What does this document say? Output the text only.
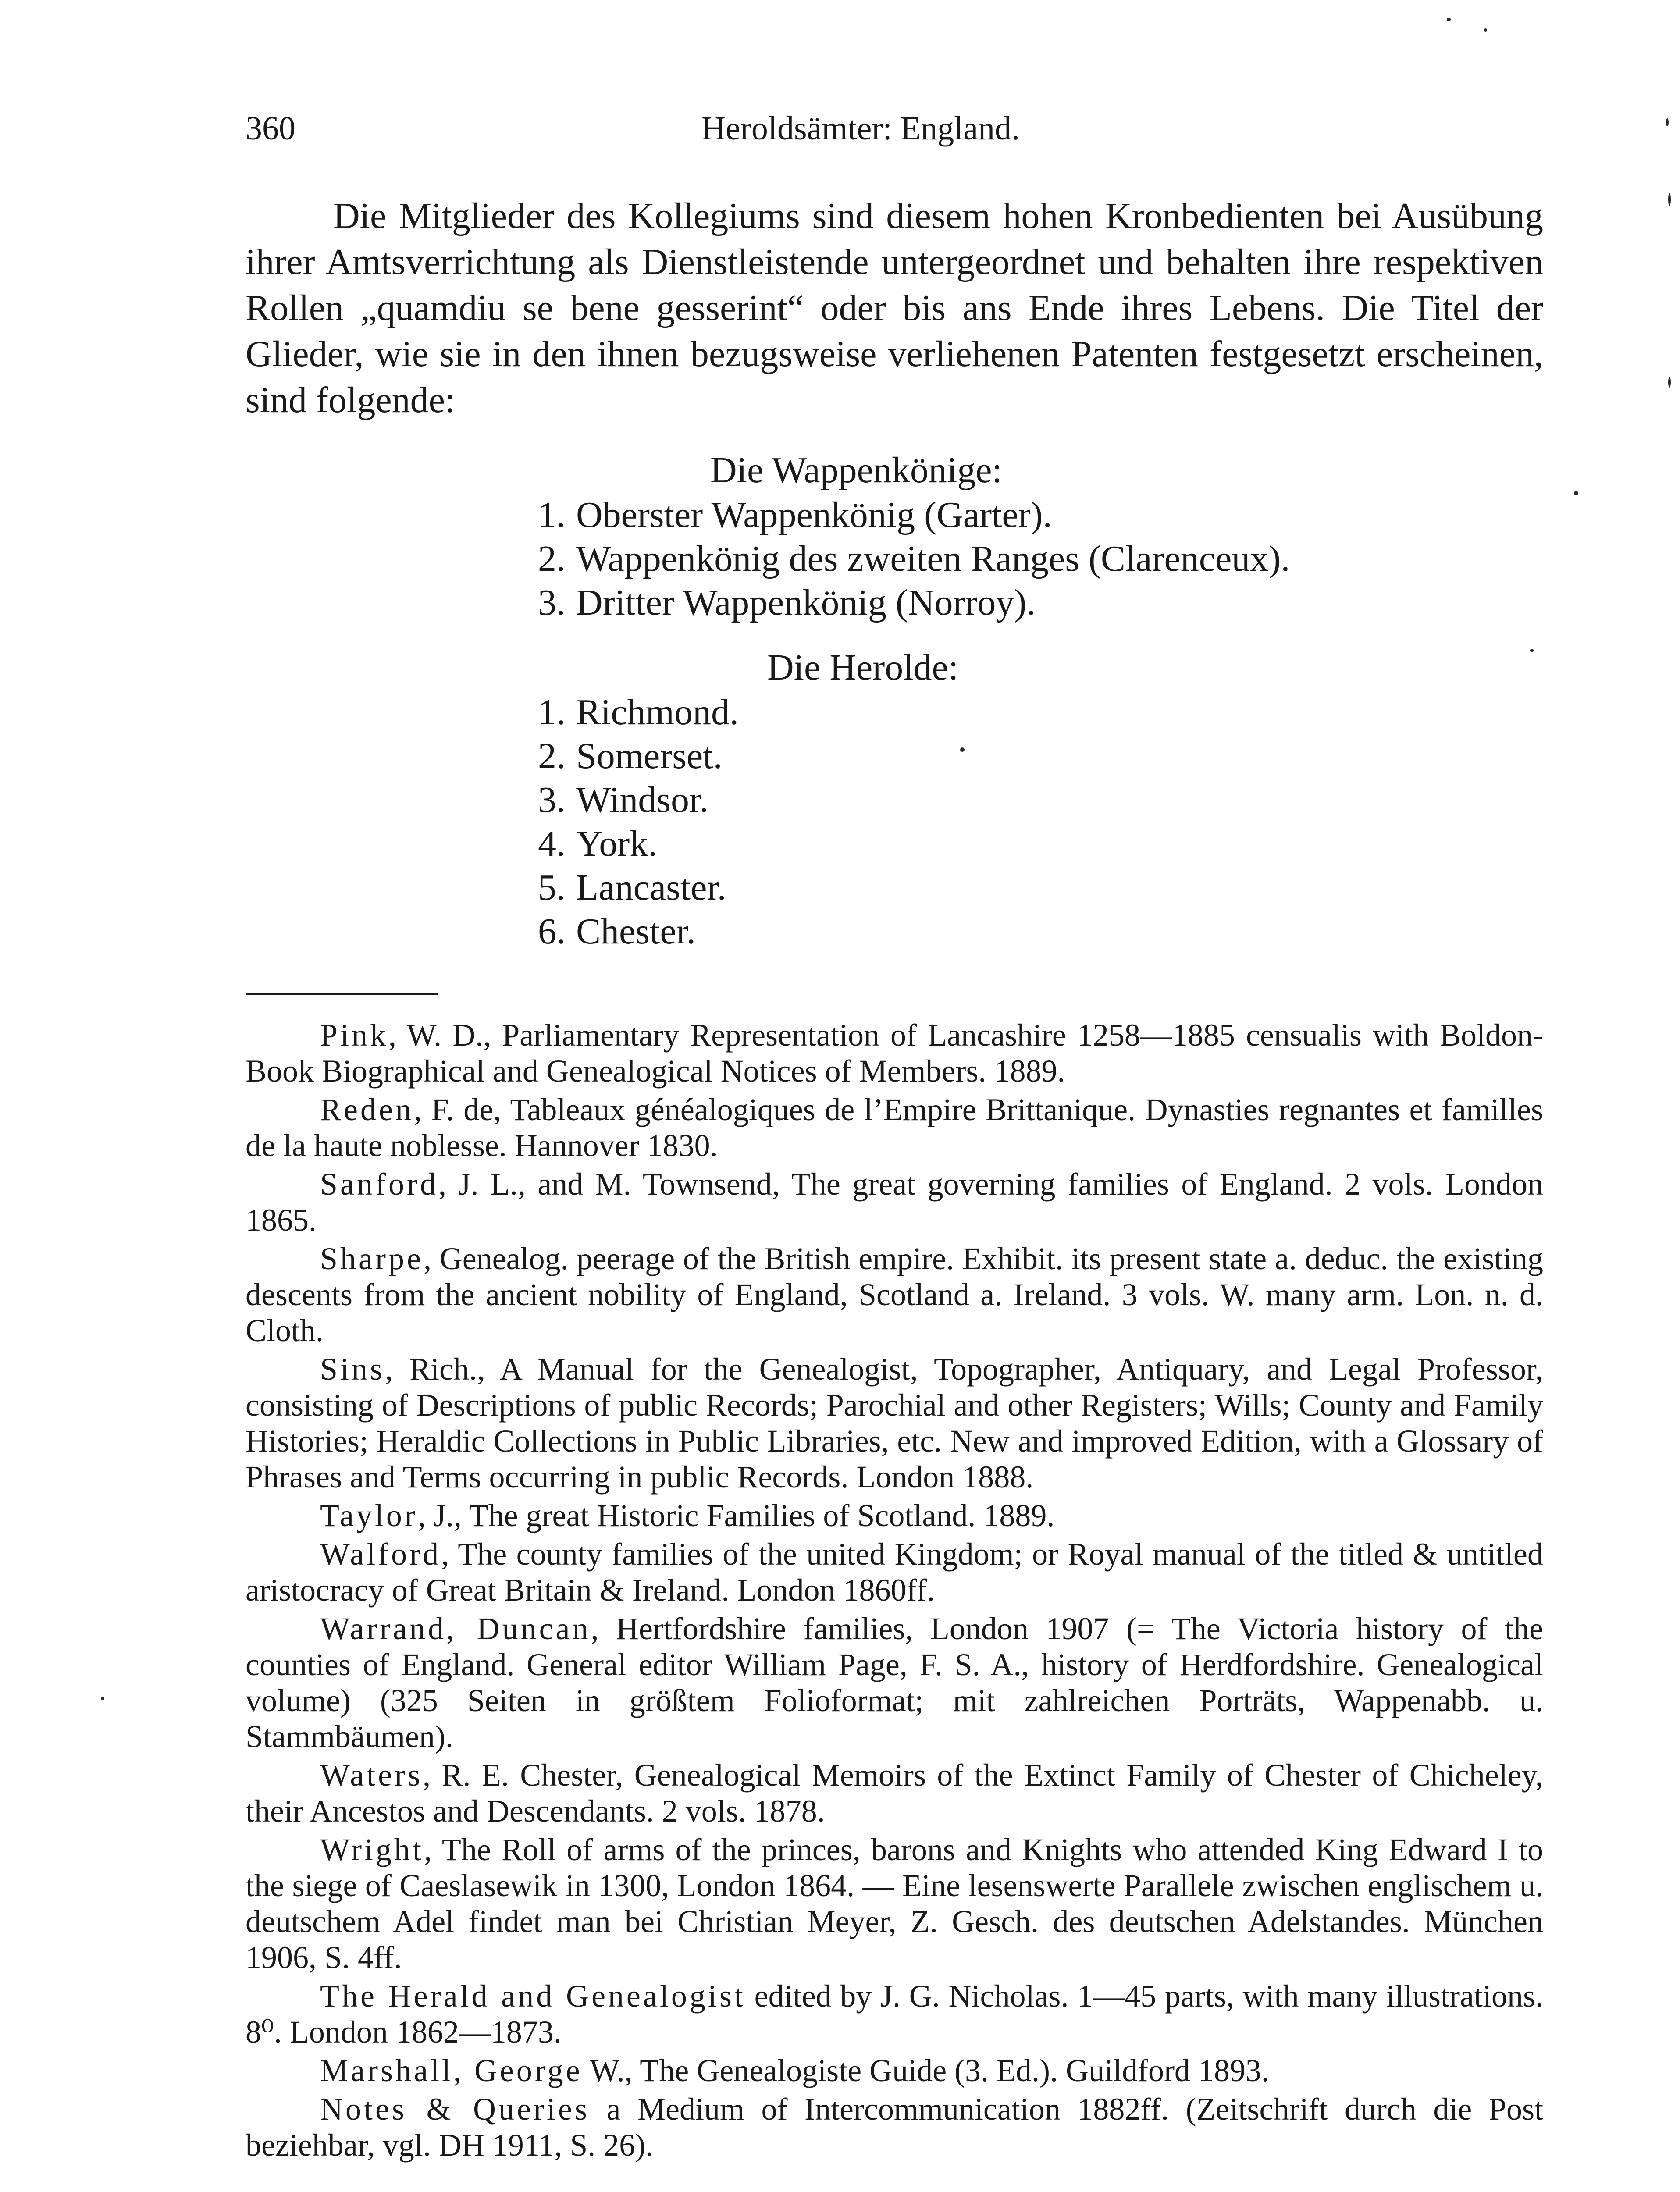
360	Heroldsämter: England.

Die Mitglieder des Kollegiums sind diesem hohen Kronbedienten bei Ausübung ihrer Amtsverrichtung als Dienstleistende untergeordnet und behalten ihre respektiven Rollen „quamdiu se bene gesserint“ oder bis ans Ende ihres Lebens. Die Titel der Glieder, wie sie in den ihnen bezugsweise verliehenen Patenten festgesetzt erscheinen, sind folgende:

Die Wappenkönige:
1. Oberster Wappenkönig (Garter).
2. Wappenkönig des zweiten Ranges (Clarenceux).
3. Dritter Wappenkönig (Norroy).
Die Herolde:
1. Richmond.
2. Somerset.
3. Windsor.
4. York.
5. Lancaster.
6. Chester.

Pink, W. D., Parliamentary Representation of Lancashire 1258—1885 censualis with Boldon-Book Biographical and Genealogical Notices of Members. 1889.

Reden, F. de, Tableaux généalogiques de l’Empire Brittanique. Dynasties regnantes et familles de la haute noblesse. Hannover 1830.

Sanford, J. L., and M. Townsend, The great governing families of England. 2 vols. London 1865.

Sharpe, Genealog. peerage of the British empire. Exhibit. its present state a. deduc. the existing descents from the ancient nobility of England, Scotland a. Ireland. 3 vols. W. many arm. Lon. n. d. Cloth.

Sins, Rich., A Manual for the Genealogist, Topographer, Antiquary, and Legal Professor, consisting of Descriptions of public Records; Parochial and other Registers; Wills; County and Family Histories; Heraldic Collections in Public Libraries, etc. New and improved Edition, with a Glossary of Phrases and Terms occurring in public Records. London 1888.

Taylor, J., The great Historic Families of Scotland. 1889.

Walford, The county families of the united Kingdom; or Royal manual of the titled & untitled aristocracy of Great Britain & Ireland. London 1860ff.

Warrand, Duncan, Hertfordshire families, London 1907 (= The Victoria history of the counties of England. General editor William Page, F. S. A., history of Herdfordshire. Genealogical volume) (325 Seiten in größtem Folioformat; mit zahlreichen Porträts, Wappenabb. u. Stammbäumen).

Waters, R. E. Chester, Genealogical Memoirs of the Extinct Family of Chester of Chicheley, their Ancestos and Descendants. 2 vols. 1878.

Wright, The Roll of arms of the princes, barons and Knights who attended King Edward I to the siege of Caeslasewik in 1300, London 1864. — Eine lesenswerte Parallele zwischen englischem u. deutschem Adel findet man bei Christian Meyer, Z. Gesch. des deutschen Adelstandes. München 1906, S. 4ff.

The Herald and Genealogist edited by J. G. Nicholas. 1—45 parts, with many illustrations. 8⁰. London 1862—1873.

Marshall, George W., The Genealogiste Guide (3. Ed.). Guildford 1893.

Notes & Queries a Medium of Intercommunication 1882ff. (Zeitschrift durch die Post beziehbar, vgl. DH 1911, S. 26).
